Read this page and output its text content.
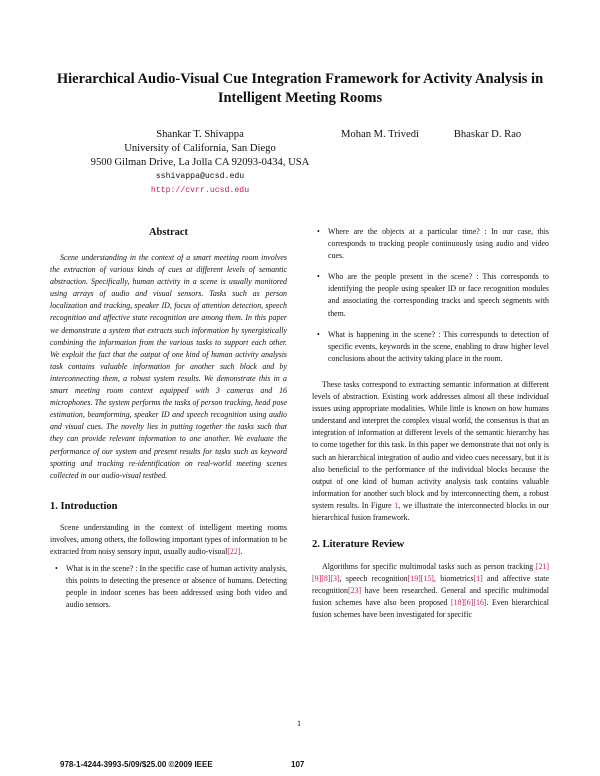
Hierarchical Audio-Visual Cue Integration Framework for Activity Analysis in
Intelligent Meeting Rooms
Shankar T. Shivappa
University of California, San Diego
9500 Gilman Drive, La Jolla CA 92093-0434, USA
sshivappa@ucsd.edu
http://cvrr.ucsd.edu
Mohan M. Trivedi	Bhaskar D. Rao
Abstract

Scene understanding in the context of a smart meeting room involves the extraction of various kinds of cues at different levels of semantic abstraction. Specifically, human activity in a scene is usually monitored using arrays of audio and visual sensors. Tasks such as person localization and tracking, speaker ID, focus of attention detection, speech recognition and affective state recognition are among them. In this paper we demonstrate a system that extracts such information by synergistically combining the information from the various tasks to support each other. We exploit the fact that the output of one kind of human activity analysis task contains valuable information for another such block and by interconnecting them, a robust system results. We demonstrate this in a smart meeting room context equipped with 3 cameras and 16 microphones. The system performs the tasks of person tracking, head pose estimation, beamforming, speaker ID and speech recognition using audio and visual cues. The novelty lies in putting together the tasks such that they can provide relevant information to one another. We evaluate the performance of our system and present results for tasks such as keyword spotting and tracking re-identification on real-world meeting scenes collected in our audio-visual testbed.

1. Introduction

Scene understanding in the context of intelligent meeting rooms involves, among others, the following important types of information to be extracted from noisy sensory input, usually audio-visual[22].

• What is in the scene? : In the specific case of human activity analysis, this points to detecting the presence or absence of humans. Detecting people in indoor scenes has been addressed using both video and audio sensors.
• Where are the objects at a particular time? : In our case, this corresponds to tracking people continuously using audio and video cues.
• Who are the people present in the scene? : This corresponds to identifying the people using speaker ID or face recognition modules and associating the corresponding tracks and speech segments with them.
• What is happening in the scene? : This corresponds to detection of specific events, keywords in the scene, enabling to draw higher level conclusions about the activity taking place in the room.

These tasks correspond to extracting semantic information at different levels of abstraction. Existing work addresses almost all these individual issues using appropriate modalities. While little is known on how humans understand and interpret the complex visual world, the consensus is that an integration of information at different levels of the semantic hierarchy has to come together for this task. In this paper we demonstrate that not only is such an hierarchical integration of audio and video cues necessary, but it is also beneficial to the performance of the individual blocks because the output of one kind of human activity analysis task contains valuable information for another such block and by interconnecting them, a robust system results. In Figure 1, we illustrate the interconnected blocks in our hierarchical fusion framework.

2. Literature Review

Algorithms for specific multimodal tasks such as person tracking [21][9][8][3], speech recognition[19][15], biometrics[1] and affective state recognition[23] have been researched. General and specific multimodal fusion schemes have also been proposed [18][6][16]. Even hierarchical fusion schemes have been investigated for specific

1
978-1-4244-3993-5/09/$25.00 ©2009 IEEE	107
